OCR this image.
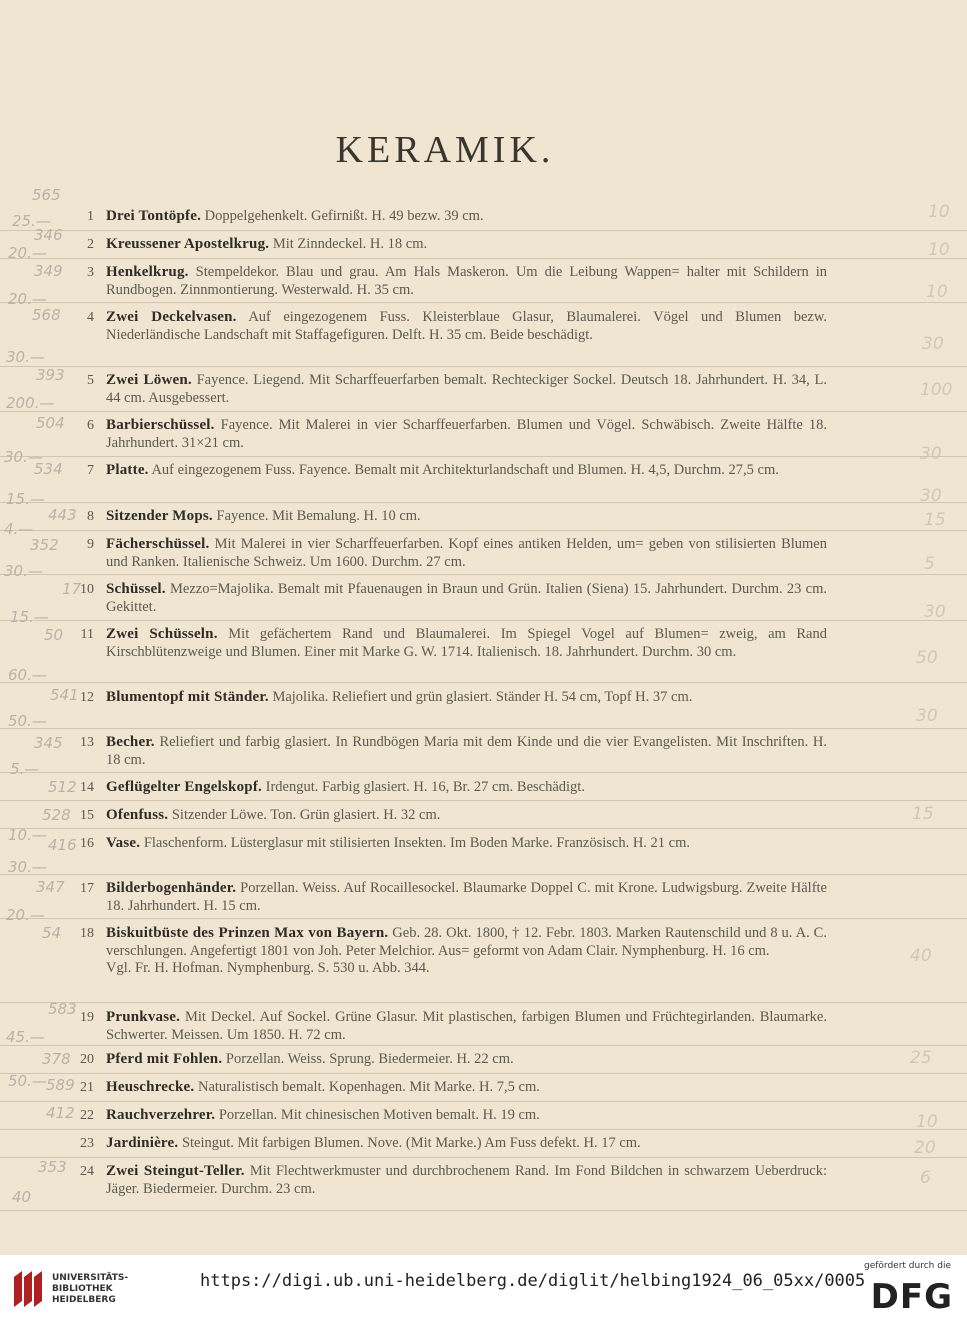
KERAMIK.
1 Drei Tontöpfe. Doppelgehenkelt. Gefirnißt. H. 49 bezw. 39 cm.

2 Kreussener Apostelkrug. Mit Zinndeckel. H. 18 cm.

3 Henkelkrug. Stempeldekor. Blau und grau. Am Hals Maskeron. Um die Leibung Wappen= halter mit Schildern in Rundbogen. Zinnmontierung. Westerwald. H. 35 cm.

4 Zwei Deckelvasen. Auf eingezogenem Fuss. Kleisterblaue Glasur, Blaumalerei. Vögel und Blumen bezw. Niederländische Landschaft mit Staffagefiguren. Delft. H. 35 cm. Beide beschädigt.

5 Zwei Löwen. Fayence. Liegend. Mit Scharffeuerfarben bemalt. Rechteckiger Sockel. Deutsch 18. Jahrhundert. H. 34, L. 44 cm. Ausgebessert.

6 Barbierschüssel. Fayence. Mit Malerei in vier Scharffeuerfarben. Blumen und Vögel. Schwäbisch. Zweite Hälfte 18. Jahrhundert. 31×21 cm.

7 Platte. Auf eingezogenem Fuss. Fayence. Bemalt mit Architekturlandschaft und Blumen. H. 4,5, Durchm. 27,5 cm.

8 Sitzender Mops. Fayence. Mit Bemalung. H. 10 cm.

9 Fächerschüssel. Mit Malerei in vier Scharffeuerfarben. Kopf eines antiken Helden, um= geben von stilisierten Blumen und Ranken. Italienische Schweiz. Um 1600. Durchm. 27 cm.

10 Schüssel. Mezzo=Majolika. Bemalt mit Pfauenaugen in Braun und Grün. Italien (Siena) 15. Jahrhundert. Durchm. 23 cm. Gekittet.

11 Zwei Schüsseln. Mit gefächertem Rand und Blaumalerei. Im Spiegel Vogel auf Blumen= zweig, am Rand Kirschblütenzweige und Blumen. Einer mit Marke G. W. 1714. Italienisch. 18. Jahrhundert. Durchm. 30 cm.

12 Blumentopf mit Ständer. Majolika. Reliefiert und grün glasiert. Ständer H. 54 cm, Topf H. 37 cm.

13 Becher. Reliefiert und farbig glasiert. In Rundbögen Maria mit dem Kinde und die vier Evangelisten. Mit Inschriften. H. 18 cm.

14 Geflügelter Engelskopf. Irdengut. Farbig glasiert. H. 16, Br. 27 cm. Beschädigt.

15 Ofenfuss. Sitzender Löwe. Ton. Grün glasiert. H. 32 cm.

16 Vase. Flaschenform. Lüsterglasur mit stilisierten Insekten. Im Boden Marke. Französisch. H. 21 cm.

17 Bilderbogenhänder. Porzellan. Weiss. Auf Rocaillesockel. Blaumarke Doppel C. mit Krone. Ludwigsburg. Zweite Hälfte 18. Jahrhundert. H. 15 cm.

18 Biskuitbüste des Prinzen Max von Bayern. Geb. 28. Okt. 1800, † 12. Febr. 1803. Marken Rautenschild und 8 u. A. C. verschlungen. Angefertigt 1801 von Joh. Peter Melchior. Aus= geformt von Adam Clair. Nymphenburg. H. 16 cm.
Vgl. Fr. H. Hofman. Nymphenburg. S. 530 u. Abb. 344.

19 Prunkvase. Mit Deckel. Auf Sockel. Grüne Glasur. Mit plastischen, farbigen Blumen und Früchtegirlanden. Blaumarke. Schwerter. Meissen. Um 1850. H. 72 cm.

20 Pferd mit Fohlen. Porzellan. Weiss. Sprung. Biedermeier. H. 22 cm.

21 Heuschrecke. Naturalistisch bemalt. Kopenhagen. Mit Marke. H. 7,5 cm.

22 Rauchverzehrer. Porzellan. Mit chinesischen Motiven bemalt. H. 19 cm.

23 Jardinière. Steingut. Mit farbigen Blumen. Nove. (Mit Marke.) Am Fuss defekt. H. 17 cm.

24 Zwei Steingut-Teller. Mit Flechtwerkmuster und durchbrochenem Rand. Im Fond Bildchen in schwarzem Ueberdruck: Jäger. Biedermeier. Durchm. 23 cm.

565
25.—
346
20.—
349
20.—
568
30.—
393
200.—
504
30.—
534
15.—
443
4.—
352
30.—
17
15.—
50
60.—
541
50.—
345
5.—
512
528
10.—
416
30.—
347
20.—
54
583
45.—
378
50.— 589
412
353
40
10
10
10
30
100
30
30
15
5
30
50
30
15
40
25
10
20
6
UNIVERSITÄTS-
BIBLIOTHEK
HEIDELBERG
https://digi.ub.uni-heidelberg.de/diglit/helbing1924_06_05xx/0005
gefördert durch die
DFG
